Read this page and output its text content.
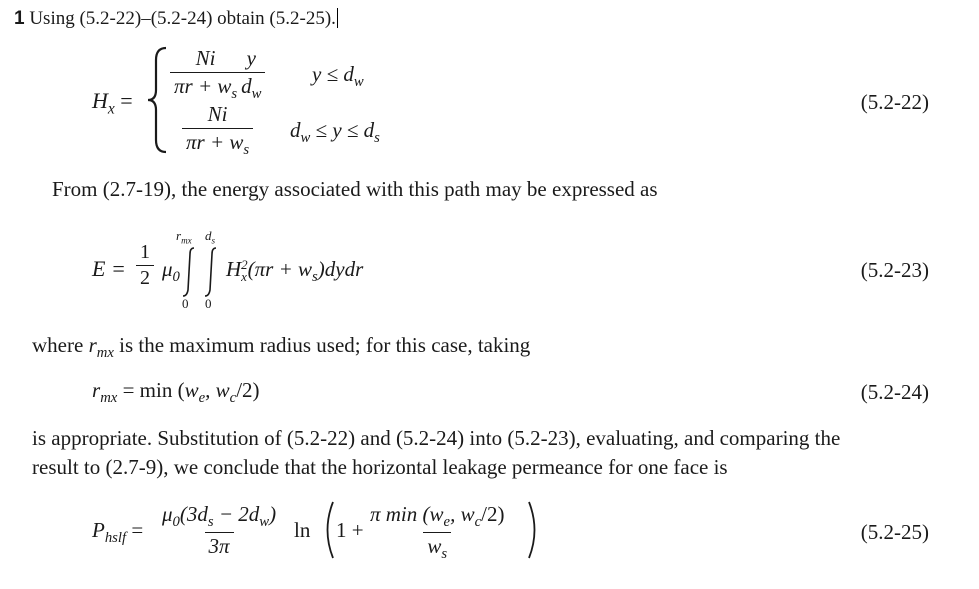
1 Using (5.2-22)–(5.2-24) obtain (5.2-25).
$H_x = \frac{Ni}{\pi r + w_s}$
$\frac{y}{d_w}$ $y \le d_w$
$\frac{Ni}{\pi r + w_s} d_w \le y \le d_s$
(5.2-22)
From (2.7-19), the energy associated with this path may be expressed as
$E = \frac{1}{2} \mu_0$
$r_{mx}$ $d_s$
0 0
H 2
x $(\pi r + w_s)dydr$	(5.2-23)
where $r_{mx}$ is the maximum radius used; for this case, taking
$r_{mx} = \min (w_e$, $w_c/2$)	(5.2-24)
is appropriate. Substitution of (5.2-22) and (5.2-24) into (5.2-23), evaluating, and comparing the
result to (2.7-9), we conclude that the horizontal leakage permeance for one face is
$P_{hslf} = \frac{\mu_0(3d_s - 2d_w)}{3\pi}$ $\ln 1 + \frac{\pi \min (w_e, w_c/2)}{w_s}$	(5.2-25)
